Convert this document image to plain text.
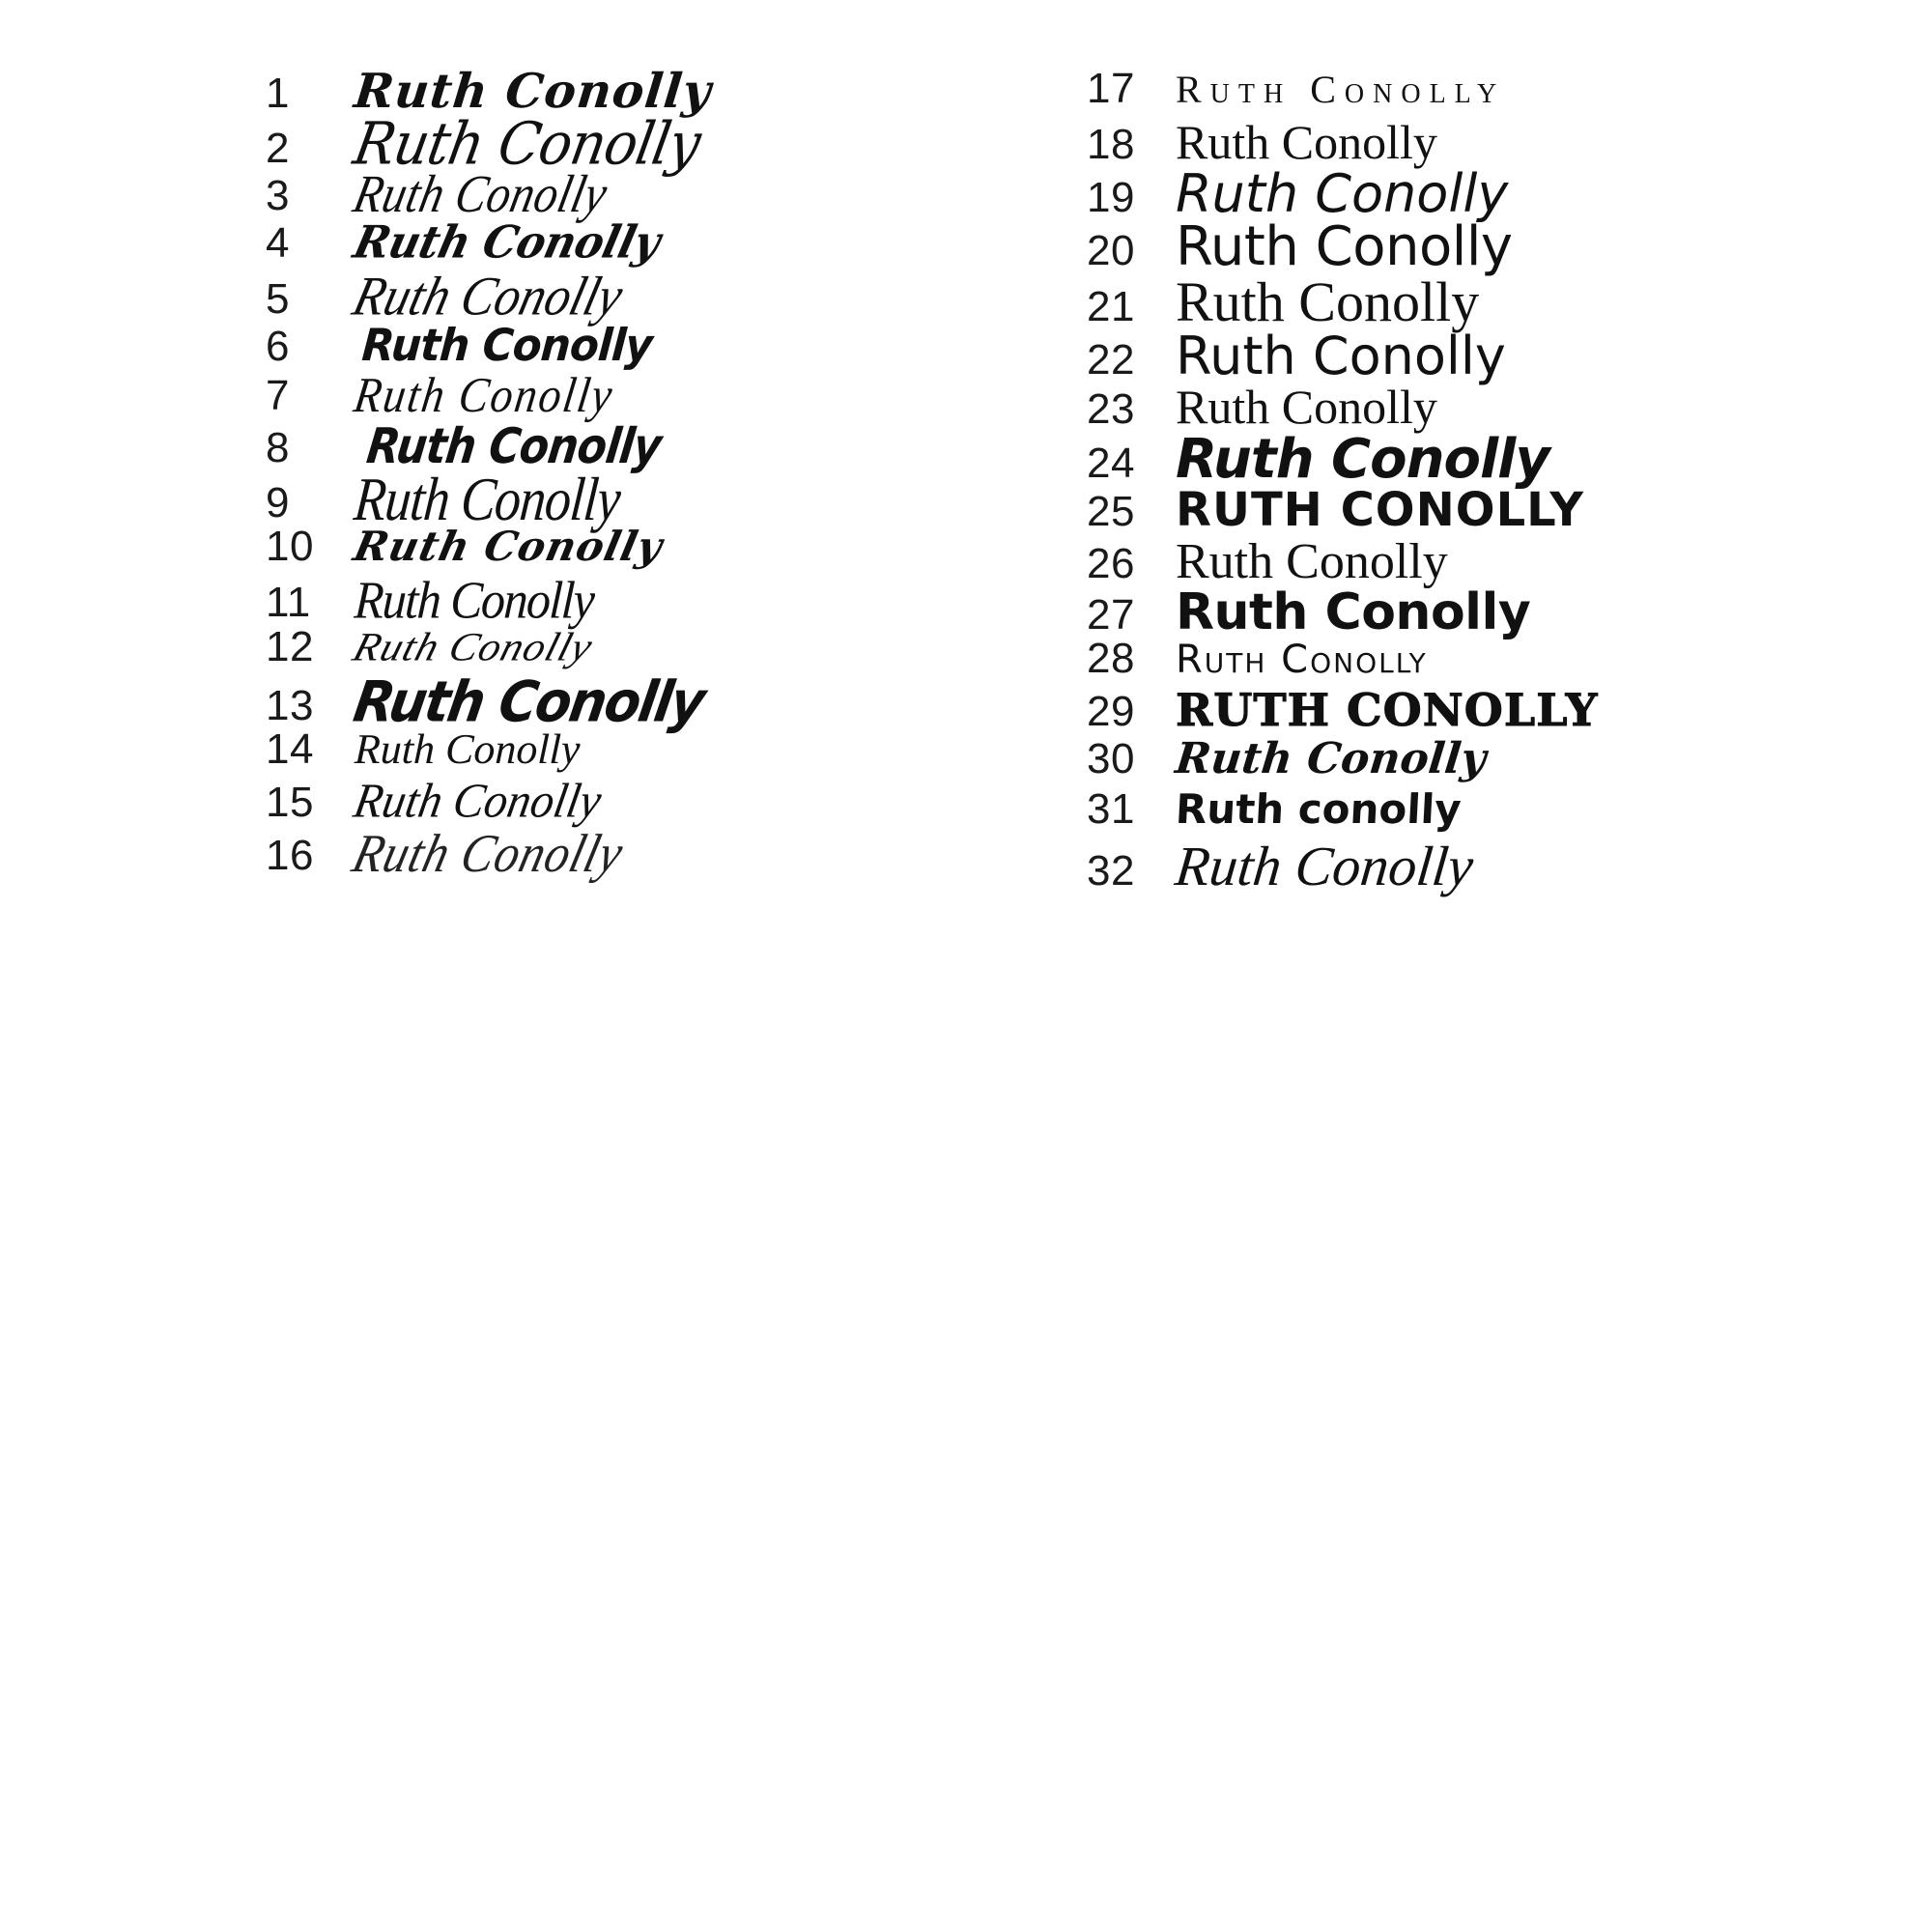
1	Ruth Conolly
2	Ruth Conolly
3	Ruth Conolly
4	Ruth Conolly
5	Ruth Conolly
6	Ruth Conolly
7	Ruth Conolly
8	Ruth Conolly
9	Ruth Conolly
10 Ruth Conolly
11 Ruth Conolly
12 Ruth Conolly
13 Ruth Conolly
14 Ruth Conolly
15 Ruth Conolly
16 Ruth Conolly
17	Ruth Conolly
18 Ruth Conolly
19 Ruth Conolly
20 Ruth Conolly
21 Ruth Conolly
22 Ruth Conolly
23 Ruth Conolly
24 Ruth Conolly
25 RUTH CONOLLY
26 Ruth Conolly
27 Ruth Conolly
28	Ruth Conolly
29 RUTH CONOLLY
30 Ruth Conolly
31 Ruth conolly
32 Ruth Conolly
